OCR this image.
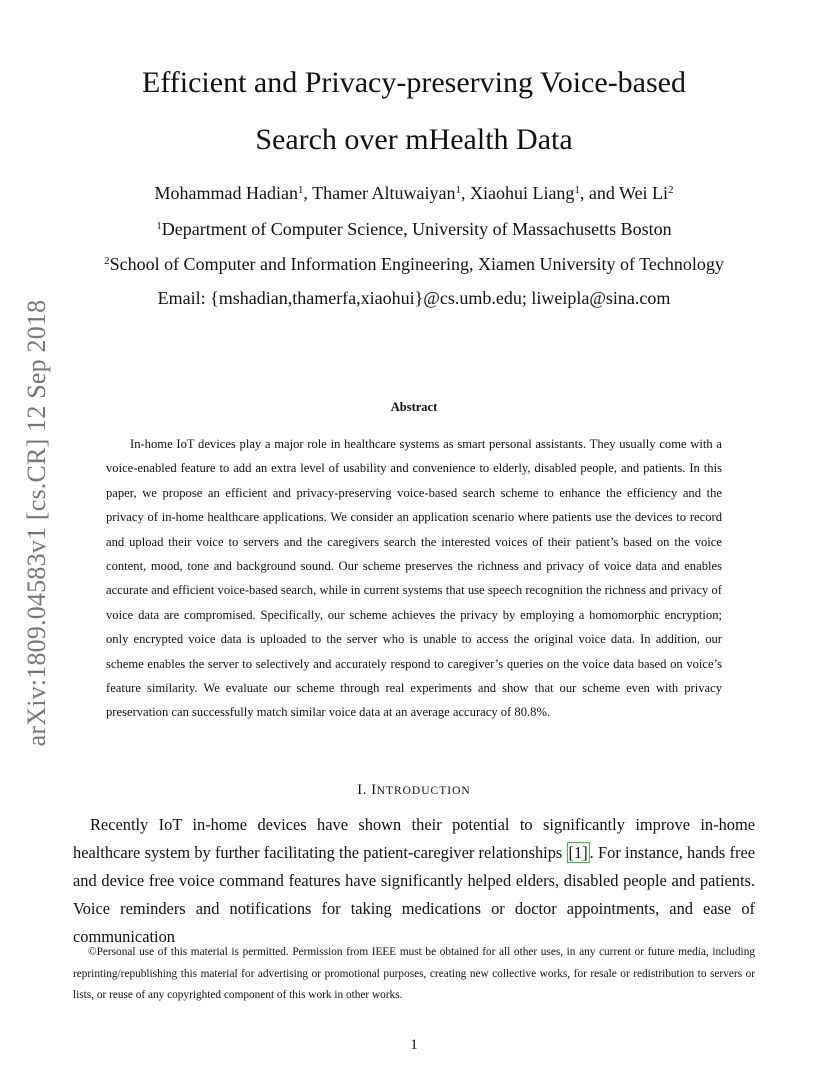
arXiv:1809.04583v1 [cs.CR] 12 Sep 2018
Efficient and Privacy-preserving Voice-based
Search over mHealth Data
Mohammad Hadian$^1$, Thamer Altuwaiyan$^1$, Xiaohui Liang$^1$, and Wei Li$^2$
$^1$Department of Computer Science, University of Massachusetts Boston
$^2$School of Computer and Information Engineering, Xiamen University of Technology
Email: {mshadian,thamerfa,xiaohui}@cs.umb.edu; liweipla@sina.com
Abstract

In-home IoT devices play a major role in healthcare systems as smart personal assistants. They usually come with a voice-enabled feature to add an extra level of usability and convenience to elderly, disabled people, and patients. In this paper, we propose an efficient and privacy-preserving voice-based search scheme to enhance the efficiency and the privacy of in-home healthcare applications. We consider an application scenario where patients use the devices to record and upload their voice to servers and the caregivers search the interested voices of their patient’s based on the voice content, mood, tone and background sound. Our scheme preserves the richness and privacy of voice data and enables accurate and efficient voice-based search, while in current systems that use speech recognition the richness and privacy of voice data are compromised. Specifically, our scheme achieves the privacy by employing a homomorphic encryption; only encrypted voice data is uploaded to the server who is unable to access the original voice data. In addition, our scheme enables the server to selectively and accurately respond to caregiver’s queries on the voice data based on voice’s feature similarity. We evaluate our scheme through real experiments and show that our scheme even with privacy preservation can successfully match similar voice data at an average accuracy of 80.8%.

I. INTRODUCTION

Recently IoT in-home devices have shown their potential to significantly improve in-home healthcare system by further facilitating the patient-caregiver relationships [1] . For instance, hands free and device free voice command features have significantly helped elders, disabled people and patients. Voice reminders and notifications for taking medications or doctor appointments, and ease of communication

©Personal use of this material is permitted. Permission from IEEE must be obtained for all other uses, in any current or future media, including reprinting/republishing this material for advertising or promotional purposes, creating new collective works, for resale or redistribution to servers or lists, or reuse of any copyrighted component of this work in other works.

1
